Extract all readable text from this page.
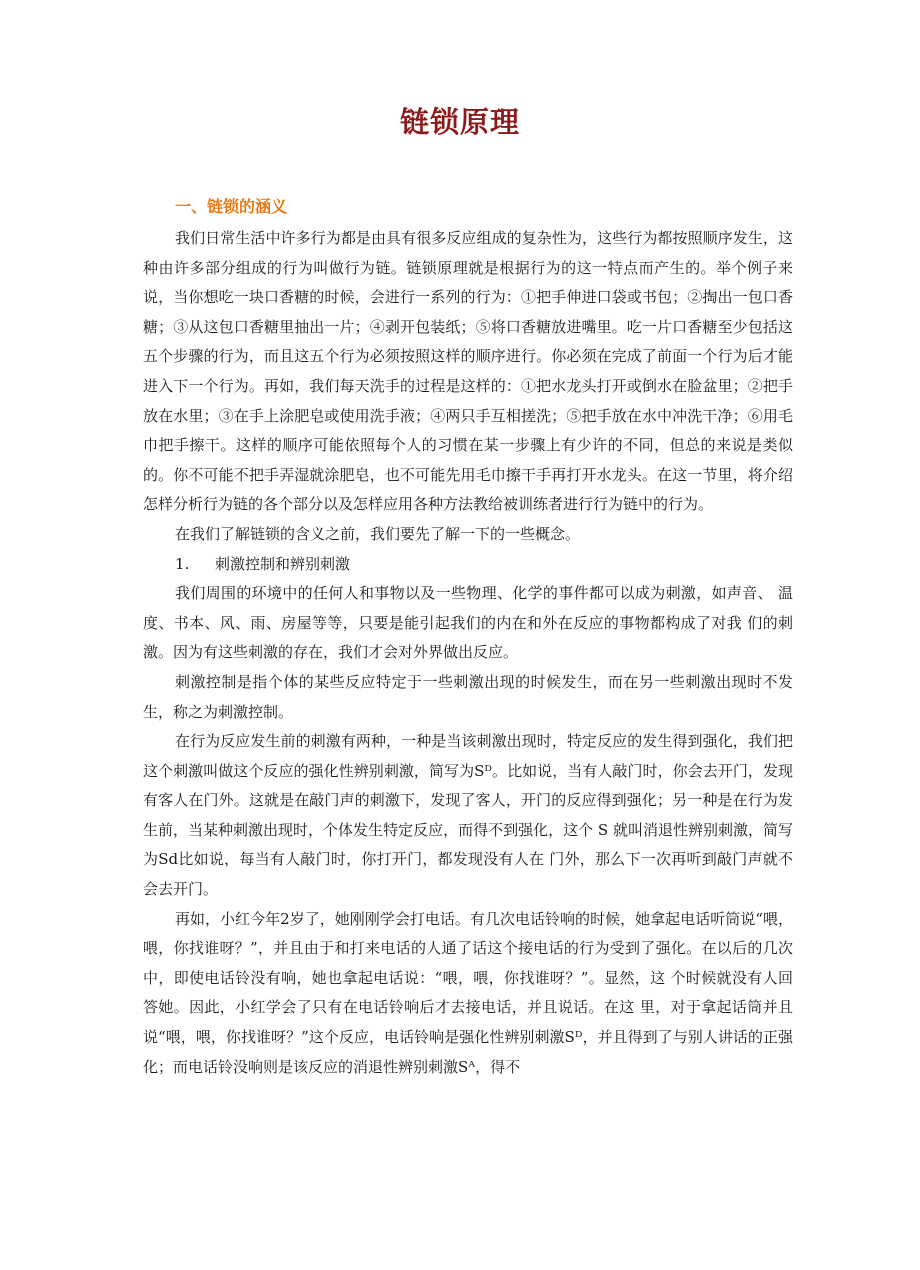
链锁原理
一、链锁的涵义

我们日常生活中许多行为都是由具有很多反应组成的复杂性为，这些行为都按照顺序发生，这种由许多部分组成的行为叫做行为链。链锁原理就是根据行为的这一特点而产生的。举个例子来说，当你想吃一块口香糖的时候，会进行一系列的行为：①把手伸进口袋或书包；②掏出一包口香糖；③从这包口香糖里抽出一片；④剥开包装纸；⑤将口香糖放进嘴里。吃一片口香糖至少包括这五个步骤的行为，而且这五个行为必须按照这样的顺序进行。你必须在完成了前面一个行为后才能进入下一个行为。再如，我们每天洗手的过程是这样的：①把水龙头打开或倒水在脸盆里；②把手放在水里；③在手上涂肥皂或使用洗手液；④两只手互相搓洗；⑤把手放在水中冲洗干净；⑥用毛巾把手擦干。这样的顺序可能依照每个人的习惯在某一步骤上有少许的不同，但总的来说是类似的。你不可能不把手弄湿就涂肥皂，也不可能先用毛巾擦干手再打开水龙头。在这一节里，将介绍怎样分析行为链的各个部分以及怎样应用各种方法教给被训练者进行行为链中的行为。

在我们了解链锁的含义之前，我们要先了解一下的一些概念。

1. 刺激控制和辨别刺激

我们周围的环境中的任何人和事物以及一些物理、化学的事件都可以成为刺激，如声音、 温度、书本、风、雨、房屋等等，只要是能引起我们的内在和外在反应的事物都构成了对我 们的刺激。因为有这些刺激的存在，我们才会对外界做出反应。

刺激控制是指个体的某些反应特定于一些刺激出现的时候发生，而在另一些刺激出现时不发生，称之为刺激控制。

在行为反应发生前的刺激有两种，一种是当该刺激出现时，特定反应的发生得到强化，我们把这个刺激叫做这个反应的强化性辨别刺激，简写为Sᴰ。比如说，当有人敲门时，你会去开门，发现有客人在门外。这就是在敲门声的刺激下，发现了客人，开门的反应得到强化；另一种是在行为发生前，当某种刺激出现时，个体发生特定反应，而得不到强化，这个 S 就叫消退性辨别刺激，简写为Sd比如说，每当有人敲门时，你打开门，都发现没有人在 门外，那么下一次再听到敲门声就不会去开门。

再如，小红今年2岁了，她刚刚学会打电话。有几次电话铃响的时候，她拿起电话听筒说“喂，喂，你找谁呀？”，并且由于和打来电话的人通了话这个接电话的行为受到了强化。在以后的几次中，即使电话铃没有响，她也拿起电话说：“喂，喂，你找谁呀？”。显然，这 个时候就没有人回答她。因此，小红学会了只有在电话铃响后才去接电话，并且说话。在这 里，对于拿起话筒并且说“喂，喂，你找谁呀？”这个反应，电话铃响是强化性辨别刺激Sᴰ，并且得到了与别人讲话的正强化；而电话铃没响则是该反应的消退性辨别刺激Sᴬ，得不
